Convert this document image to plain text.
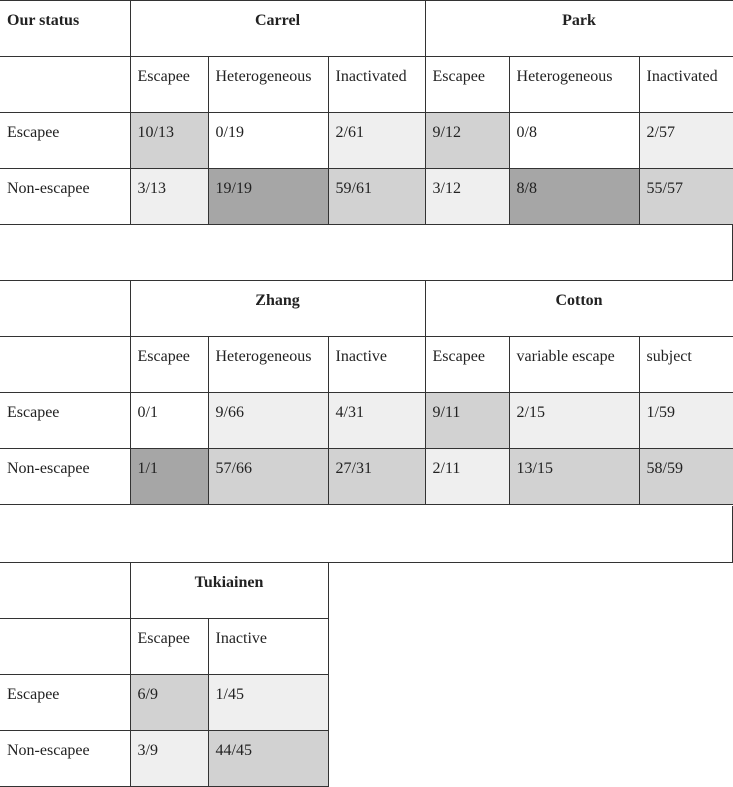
Our status	Carrel			Park		
	Escapee	Heterogeneous	Inactivated	Escapee	Heterogeneous	Inactivated
Escapee	10/13	0/19	2/61	9/12	0/8	2/57
Non-escapee	3/13	19/19	59/61	3/12	8/8	55/57
	Zhang			Cotton		
	Escapee	Heterogeneous	Inactive	Escapee	variable escape	subject
Escapee	0/1	9/66	4/31	9/11	2/15	1/59
Non-escapee	1/1	57/66	27/31	2/11	13/15	58/59
	Tukiainen		
	Escapee	Inactive	
Escapee	6/9	1/45	
Non-escapee	3/9	44/45	
